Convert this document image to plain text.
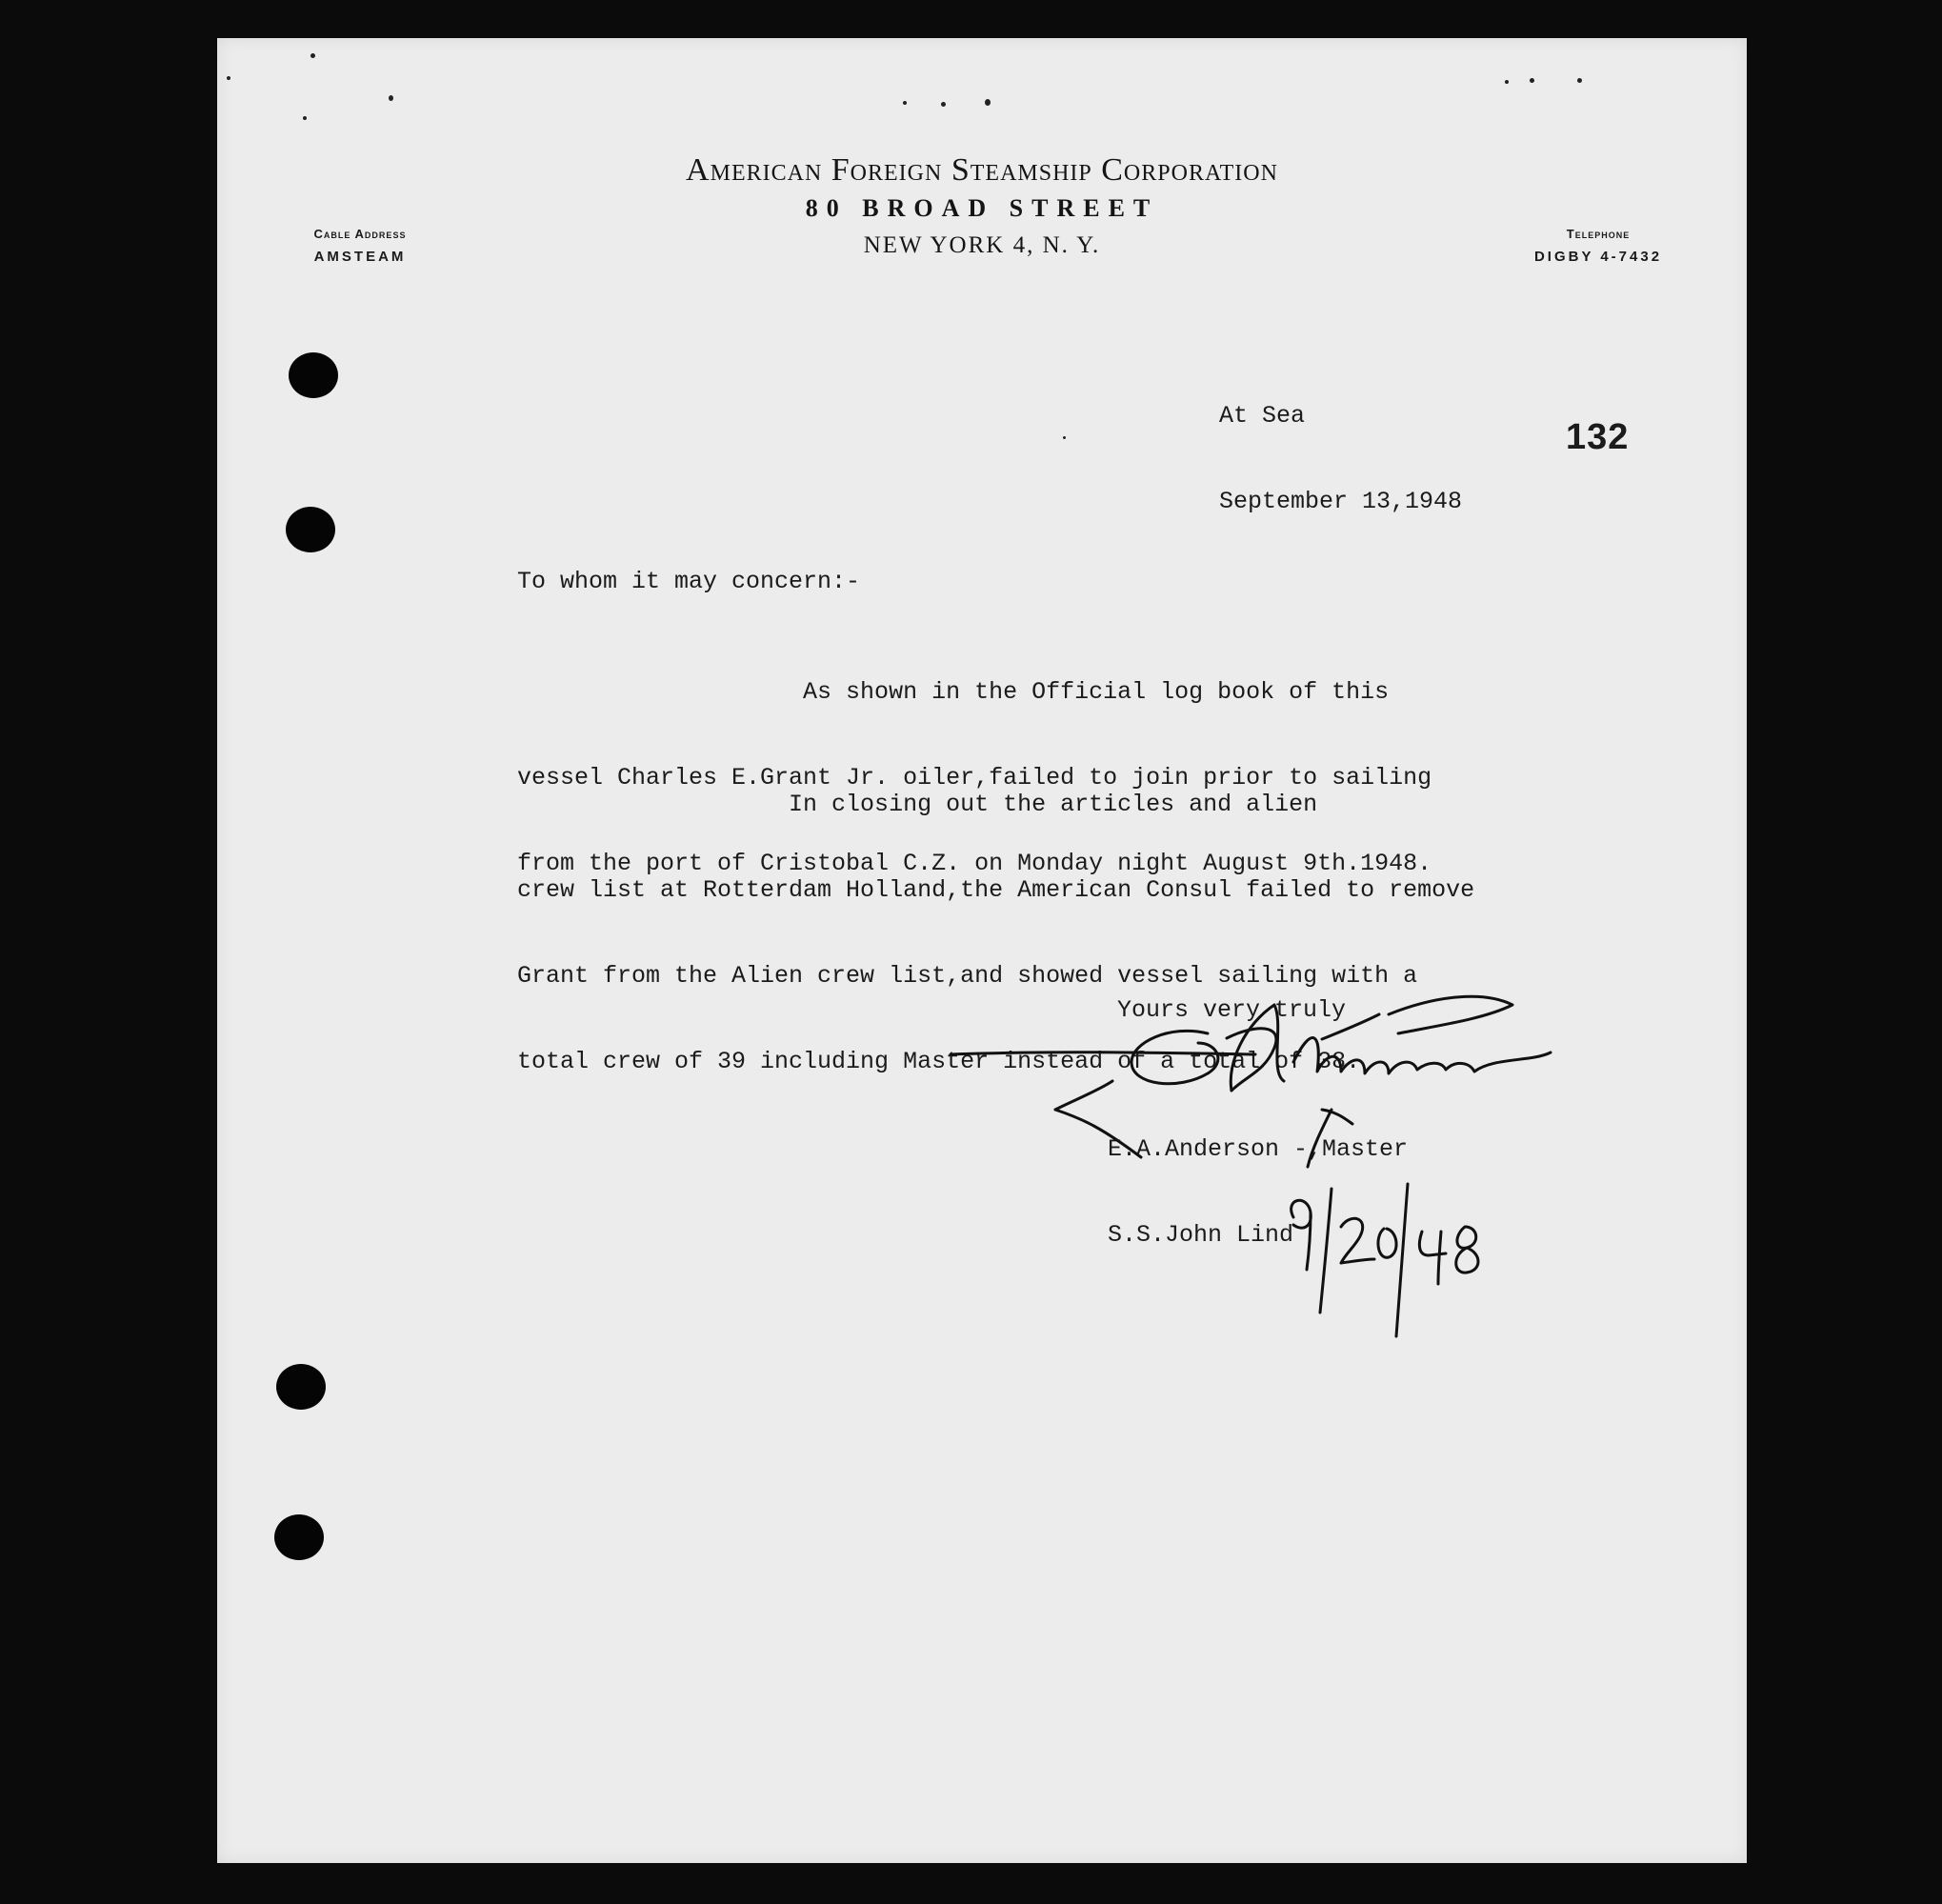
American Foreign Steamship Corporation
80 BROAD STREET
NEW YORK 4, N. Y.
Cable Address
AMSTEAM
Telephone
DIGBY 4-7432

At Sea

September 13,1948

132
To whom it may concern:-

As shown in the Official log book of this

vessel Charles E.Grant Jr. oiler,failed to join prior to sailing

from the port of Cristobal C.Z. on Monday night August 9th.1948.

In closing out the articles and alien

crew list at Rotterdam Holland,the American Consul failed to remove

Grant from the Alien crew list,and showed vessel sailing with a

total crew of 39 including Master instead of a total of 38.

Yours very truly

E.A.Anderson -,Master

S.S.John Lind
